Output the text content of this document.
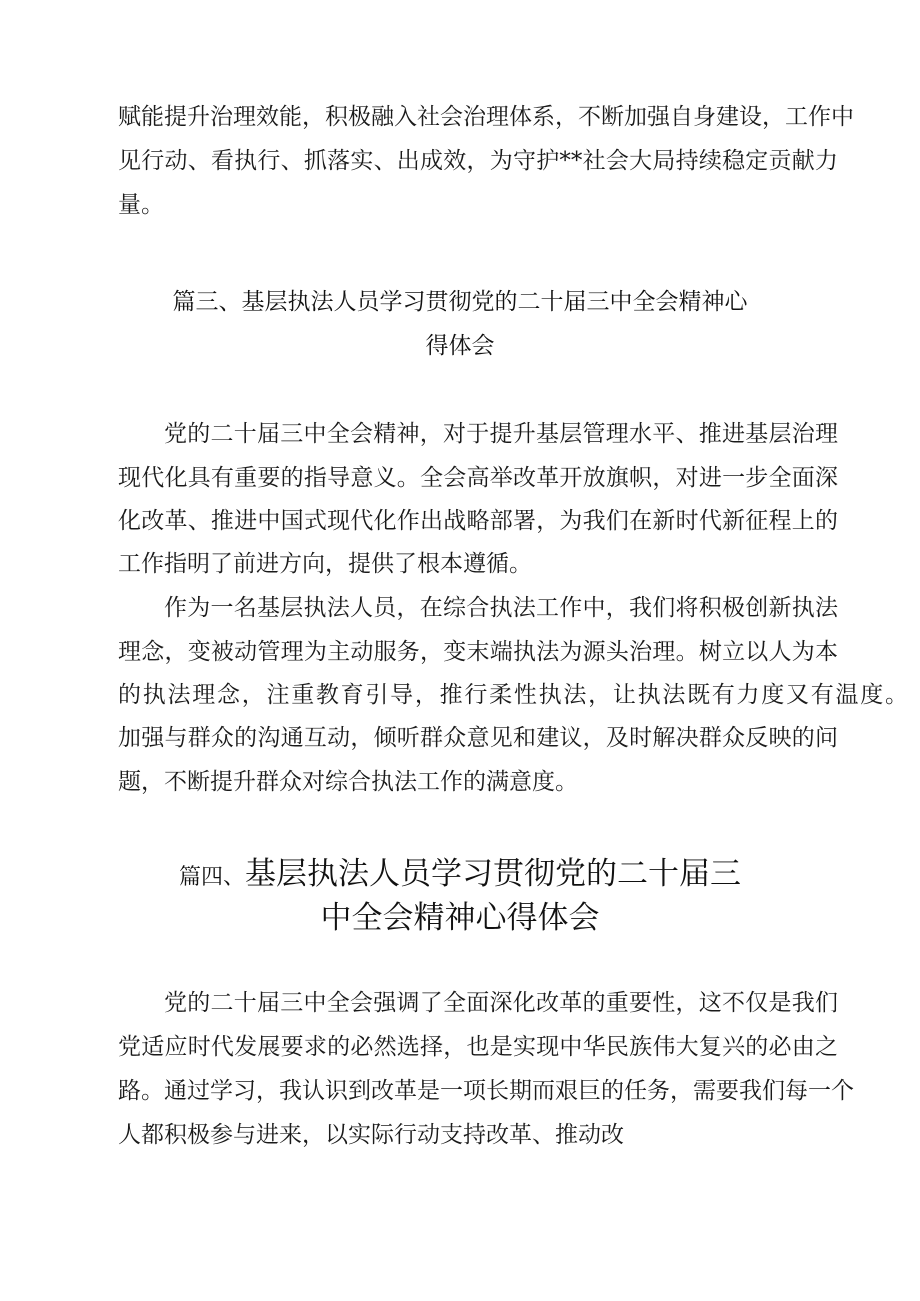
赋能提升治理效能，积极融入社会治理体系，不断加强自身建设，工作中
见行动、看执行、抓落实、出成效，为守护**社会大局持续稳定贡献力
量。
篇三、基层执法人员学习贯彻党的二十届三中全会精神心
得体会
党的二十届三中全会精神，对于提升基层管理水平、推进基层治理
现代化具有重要的指导意义。全会高举改革开放旗帜，对进一步全面深
化改革、推进中国式现代化作出战略部署，为我们在新时代新征程上的
工作指明了前进方向，提供了根本遵循。
作为一名基层执法人员，在综合执法工作中，我们将积极创新执法
理念，变被动管理为主动服务，变末端执法为源头治理。树立以人为本
的执法理念，注重教育引导，推行柔性执法，让执法既有力度又有温度。
加强与群众的沟通互动，倾听群众意见和建议，及时解决群众反映的问
题，不断提升群众对综合执法工作的满意度。
篇四、基层执法人员学习贯彻党的二十届三
中全会精神心得体会
党的二十届三中全会强调了全面深化改革的重要性，这不仅是我们
党适应时代发展要求的必然选择，也是实现中华民族伟大复兴的必由之
路。通过学习，我认识到改革是一项长期而艰巨的任务，需要我们每一个
人都积极参与进来，以实际行动支持改革、推动改
